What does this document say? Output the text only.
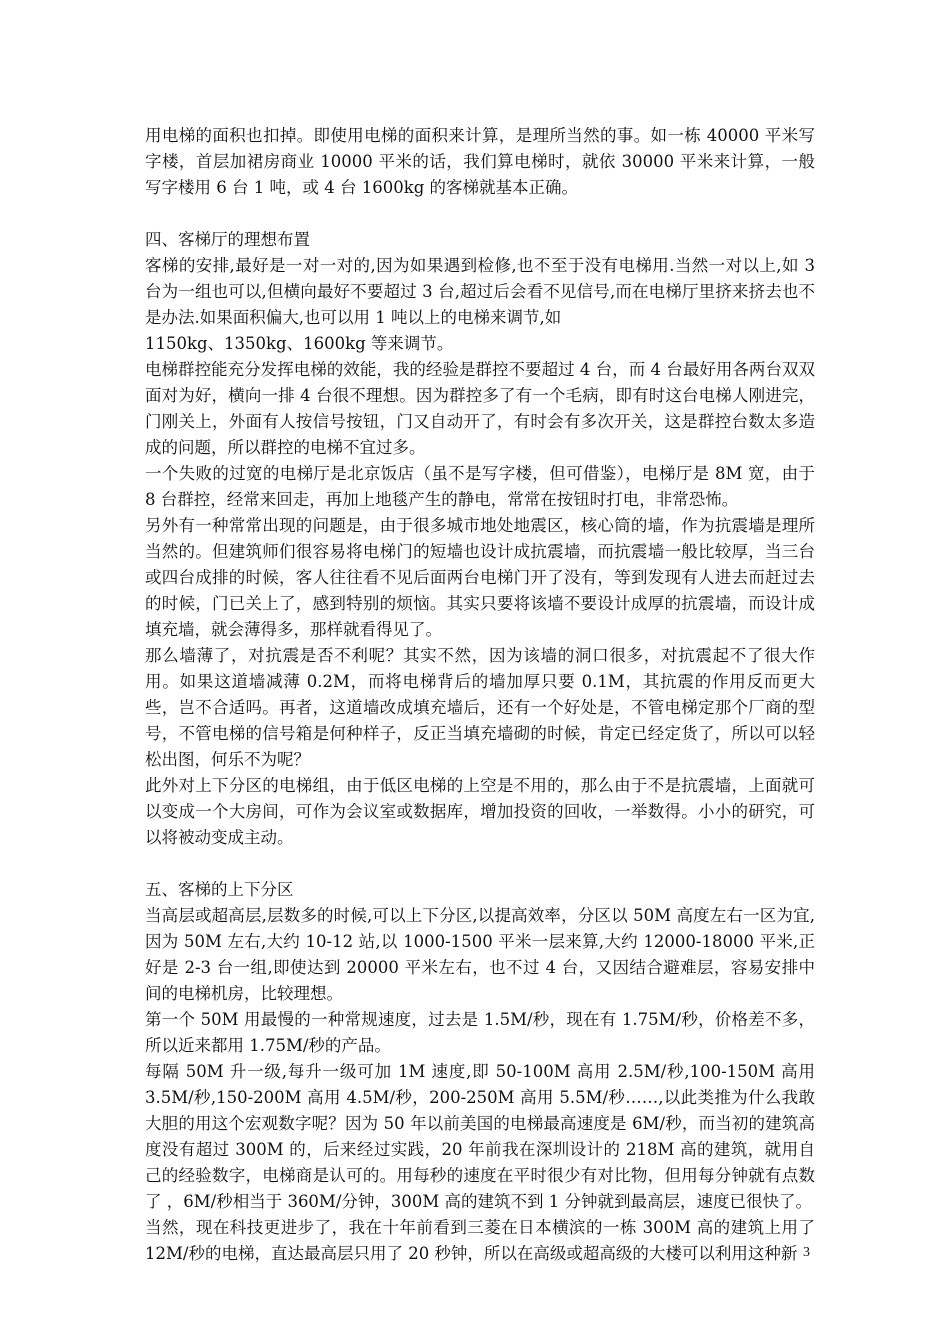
用电梯的面积也扣掉。即使用电梯的面积来计算，是理所当然的事。如一栋 40000 平米写字楼，首层加裙房商业 10000 平米的话，我们算电梯时，就依 30000 平米来计算，一般写字楼用 6 台 1 吨，或 4 台 1600kg 的客梯就基本正确。

四、客梯厅的理想布置

客梯的安排,最好是一对一对的,因为如果遇到检修,也不至于没有电梯用.当然一对以上,如 3 台为一组也可以,但横向最好不要超过 3 台,超过后会看不见信号,而在电梯厅里挤来挤去也不是办法.如果面积偏大,也可以用 1 吨以上的电梯来调节,如

1150kg、1350kg、1600kg 等来调节。

电梯群控能充分发挥电梯的效能，我的经验是群控不要超过 4 台，而 4 台最好用各两台双双面对为好，横向一排 4 台很不理想。因为群控多了有一个毛病，即有时这台电梯人刚进完，门刚关上，外面有人按信号按钮，门又自动开了，有时会有多次开关，这是群控台数太多造成的问题，所以群控的电梯不宜过多。

一个失败的过宽的电梯厅是北京饭店（虽不是写字楼，但可借鉴），电梯厅是 8M 宽，由于 8 台群控，经常来回走，再加上地毯产生的静电，常常在按钮时打电，非常恐怖。

另外有一种常常出现的问题是，由于很多城市地处地震区，核心筒的墙，作为抗震墙是理所当然的。但建筑师们很容易将电梯门的短墙也设计成抗震墙，而抗震墙一般比较厚，当三台或四台成排的时候，客人往往看不见后面两台电梯门开了没有，等到发现有人进去而赶过去的时候，门已关上了，感到特别的烦恼。其实只要将该墙不要设计成厚的抗震墙，而设计成填充墙，就会薄得多，那样就看得见了。

那么墙薄了，对抗震是否不利呢？其实不然，因为该墙的洞口很多，对抗震起不了很大作用。如果这道墙减薄 0.2M，而将电梯背后的墙加厚只要 0.1M，其抗震的作用反而更大些，岂不合适吗。再者，这道墙改成填充墙后，还有一个好处是，不管电梯定那个厂商的型号，不管电梯的信号箱是何种样子，反正当填充墙砌的时候，肯定已经定货了，所以可以轻松出图，何乐不为呢？

此外对上下分区的电梯组，由于低区电梯的上空是不用的，那么由于不是抗震墙，上面就可以变成一个大房间，可作为会议室或数据库，增加投资的回收，一举数得。小小的研究，可以将被动变成主动。

五、客梯的上下分区

当高层或超高层,层数多的时候,可以上下分区,以提高效率，分区以 50M 高度左右一区为宜,因为 50M 左右,大约 10-12 站,以 1000-1500 平米一层来算,大约 12000-18000 平米,正好是 2-3 台一组,即使达到 20000 平米左右，也不过 4 台，又因结合避难层，容易安排中间的电梯机房，比较理想。

第一个 50M 用最慢的一种常规速度，过去是 1.5M/秒，现在有 1.75M/秒，价格差不多，所以近来都用 1.75M/秒的产品。

每隔 50M 升一级,每升一级可加 1M 速度,即 50-100M 高用 2.5M/秒,100-150M 高用 3.5M/秒,150-200M 高用 4.5M/秒，200-250M 高用 5.5M/秒……,以此类推为什么我敢大胆的用这个宏观数字呢？因为 50 年以前美国的电梯最高速度是 6M/秒，而当初的建筑高度没有超过 300M 的，后来经过实践，20 年前我在深圳设计的 218M 高的建筑，就用自己的经验数字，电梯商是认可的。用每秒的速度在平时很少有对比物，但用每分钟就有点数了 ，6M/秒相当于 360M/分钟，300M 高的建筑不到 1 分钟就到最高层，速度已很快了。

当然，现在科技更进步了，我在十年前看到三菱在日本横滨的一栋 300M 高的建筑上用了 12M/秒的电梯，直达最高层只用了 20 秒钟，所以在高级或超高级的大楼可以利用这种新 3
